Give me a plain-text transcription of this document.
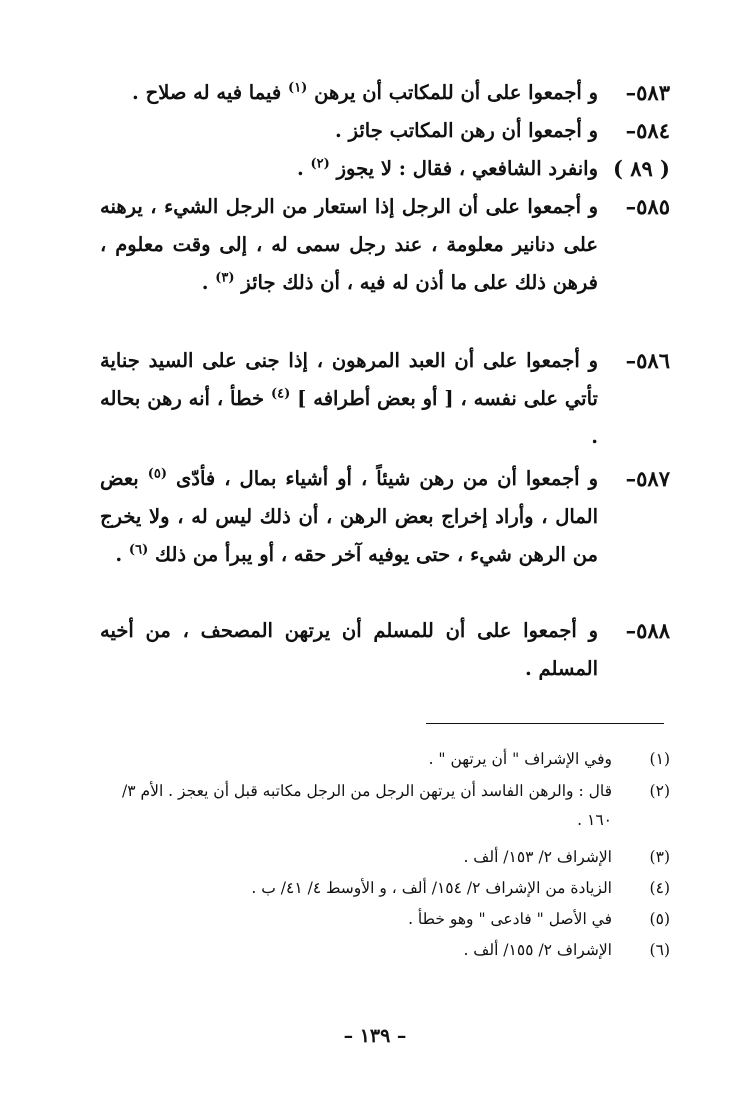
٥٨٣–
و أجمعوا على أن للمكاتب أن يرهن $^{(١)}$ فيما فيه له صلاح .
٥٨٤–
و أجمعوا أن رهن المكاتب جائز .
( ٨٩ )
وانفرد الشافعي ، فقال : لا يجوز $^{(٢)}$ .
٥٨٥–
و أجمعوا على أن الرجل إذا استعار من الرجل الشيء ، يرهنه على دنانير معلومة ، عند رجل سمى له ، إلى وقت معلوم ، فرهن ذلك على ما أذن له فيه ، أن ذلك جائز $^{(٣)}$ .
٥٨٦–
و أجمعوا على أن العبد المرهون ، إذا جنى على السيد جناية تأتي على نفسه ، [ أو بعض أطرافه ] $^{(٤)}$ خطأ ، أنه رهن بحاله .
٥٨٧–
و أجمعوا أن من رهن شيئاً ، أو أشياء بمال ، فأدّى $^{(٥)}$ بعض المال ، وأراد إخراج بعض الرهن ، أن ذلك ليس له ، ولا يخرج من الرهن شيء ، حتى يوفيه آخر حقه ، أو يبرأ من ذلك $^{(٦)}$ .
٥٨٨–
و أجمعوا على أن للمسلم أن يرتهن المصحف ، من أخيه المسلم .
(١)
وفي الإشراف " أن يرتهن " .
(٢)
قال : والرهن الفاسد أن يرتهن الرجل من الرجل مكاتبه قبل أن يعجز . الأم ٣/ ١٦٠ .
(٣)
الإشراف ٢/ ١٥٣/ ألف .
(٤)
الزيادة من الإشراف ٢/ ١٥٤/ ألف ، و الأوسط ٤/ ٤١/ ب .
(٥)
في الأصل " فادعى " وهو خطأ .
(٦)
الإشراف ٢/ ١٥٥/ ألف .
– ١٣٩ –
